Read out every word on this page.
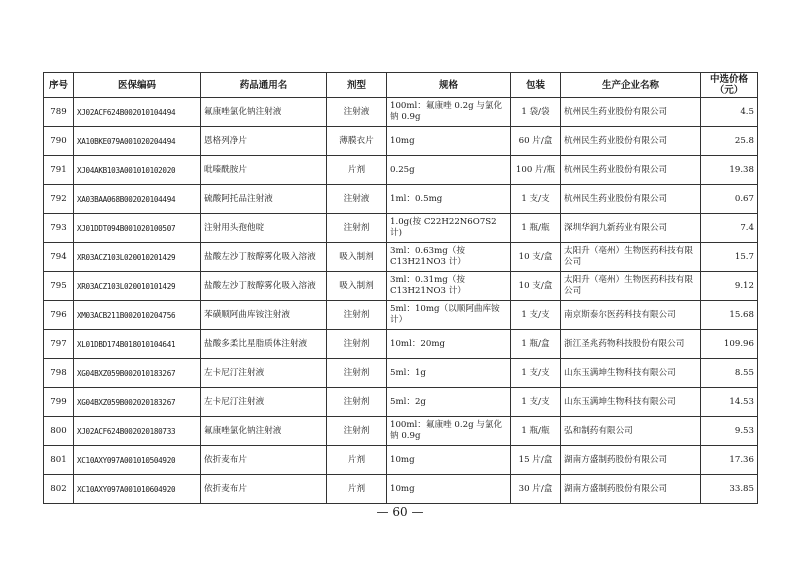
序号	医保编码	药品通用名	剂型	规格	包装	生产企业名称	中选价格（元）
789	XJ02ACF624B002010104494	氟康唑氯化钠注射液	注射液	100ml：氟康唑 0.2g 与氯化钠 0.9g	1 袋/袋	杭州民生药业股份有限公司	4.5
790	XA10BKE079A001020204494	恩格列净片	薄膜衣片	10mg	60 片/盒	杭州民生药业股份有限公司	25.8
791	XJ04AKB103A001010102020	吡嗪酰胺片	片剂	0.25g	100 片/瓶	杭州民生药业股份有限公司	19.38
792	XA03BAA068B002020104494	硫酸阿托品注射液	注射液	1ml：0.5mg	1 支/支	杭州民生药业股份有限公司	0.67
793	XJ01DDT094B001020100507	注射用头孢他啶	注射剂	1.0g(按 C22H22N6O7S2 计)	1 瓶/瓶	深圳华润九新药业有限公司	7.4
794	XR03ACZ103L020010201429	盐酸左沙丁胺醇雾化吸入溶液	吸入制剂	3ml：0.63mg（按 C13H21NO3 计）	10 支/盒	太阳升（亳州）生物医药科技有限公司	15.7
795	XR03ACZ103L020010101429	盐酸左沙丁胺醇雾化吸入溶液	吸入制剂	3ml：0.31mg（按 C13H21NO3 计）	10 支/盒	太阳升（亳州）生物医药科技有限公司	9.12
796	XM03ACB211B002010204756	苯磺顺阿曲库铵注射液	注射剂	5ml：10mg（以顺阿曲库铵计）	1 支/支	南京斯泰尔医药科技有限公司	15.68
797	XL01DBD174B018010104641	盐酸多柔比星脂质体注射液	注射剂	10ml：20mg	1 瓶/盒	浙江圣兆药物科技股份有限公司	109.96
798	XG04BXZ059B002010183267	左卡尼汀注射液	注射剂	5ml：1g	1 支/支	山东玉满坤生物科技有限公司	8.55
799	XG04BXZ059B002020183267	左卡尼汀注射液	注射剂	5ml：2g	1 支/支	山东玉满坤生物科技有限公司	14.53
800	XJ02ACF624B002020180733	氟康唑氯化钠注射液	注射剂	100ml：氟康唑 0.2g 与氯化钠 0.9g	1 瓶/瓶	弘和制药有限公司	9.53
801	XC10AXY097A001010504920	依折麦布片	片剂	10mg	15 片/盒	湖南方盛制药股份有限公司	17.36
802	XC10AXY097A001010604920	依折麦布片	片剂	10mg	30 片/盒	湖南方盛制药股份有限公司	33.85
— 60 —
